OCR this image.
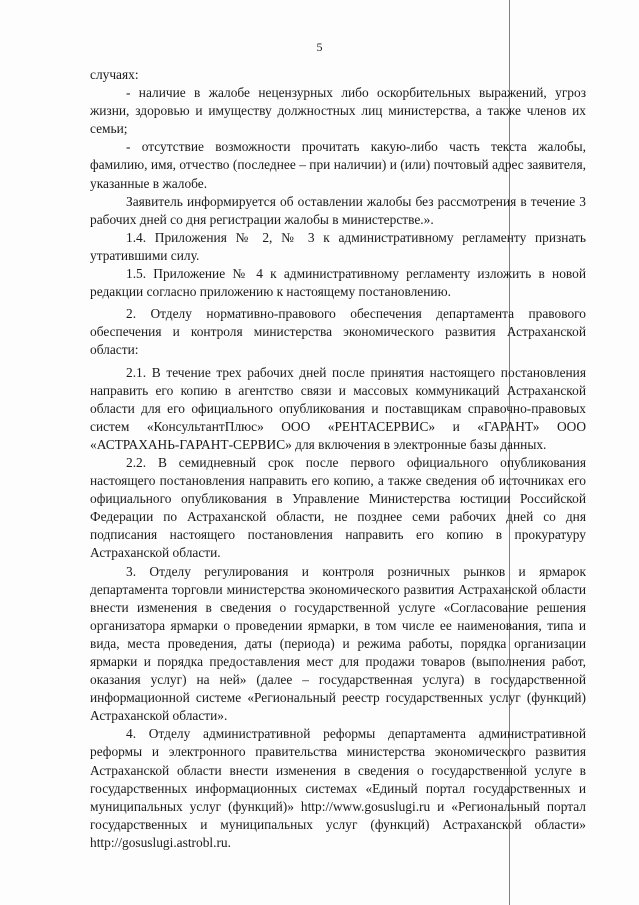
5

случаях:

- наличие в жалобе нецензурных либо оскорбительных выражений, угроз жизни, здоровью и имуществу должностных лиц министерства, а также членов их семьи;

- отсутствие возможности прочитать какую-либо часть текста жалобы, фамилию, имя, отчество (последнее – при наличии) и (или) почтовый адрес заявителя, указанные в жалобе.

Заявитель информируется об оставлении жалобы без рассмотрения в течение 3 рабочих дней со дня регистрации жалобы в министерстве.».

1.4. Приложения № 2, № 3 к административному регламенту признать утратившими силу.

1.5. Приложение № 4 к административному регламенту изложить в новой редакции согласно приложению к настоящему постановлению.

2. Отделу нормативно-правового обеспечения департамента правового обеспечения и контроля министерства экономического развития Астраханской области:

2.1. В течение трех рабочих дней после принятия настоящего постановления направить его копию в агентство связи и массовых коммуникаций Астраханской области для его официального опубликования и поставщикам справочно-правовых систем «КонсультантПлюс» ООО «РЕНТАСЕРВИС» и «ГАРАНТ» ООО «АСТРАХАНЬ-ГАРАНТ-СЕРВИС» для включения в электронные базы данных.

2.2. В семидневный срок после первого официального опубликования настоящего постановления направить его копию, а также сведения об источниках его официального опубликования в Управление Министерства юстиции Российской Федерации по Астраханской области, не позднее семи рабочих дней со дня подписания настоящего постановления направить его копию в прокуратуру Астраханской области.

3. Отделу регулирования и контроля розничных рынков и ярмарок департамента торговли министерства экономического развития Астраханской области внести изменения в сведения о государственной услуге «Согласование решения организатора ярмарки о проведении ярмарки, в том числе ее наименования, типа и вида, места проведения, даты (периода) и режима работы, порядка организации ярмарки и порядка предоставления мест для продажи товаров (выполнения работ, оказания услуг) на ней» (далее – государственная услуга) в государственной информационной системе «Региональный реестр государственных услуг (функций) Астраханской области».

4. Отделу административной реформы департамента административной реформы и электронного правительства министерства экономического развития Астраханской области внести изменения в сведения о государственной услуге в государственных информационных системах «Единый портал государственных и муниципальных услуг (функций)» http://www.gosuslugi.ru и «Региональный портал государственных и муниципальных услуг (функций) Астраханской области» http://gosuslugi.astrobl.ru.
